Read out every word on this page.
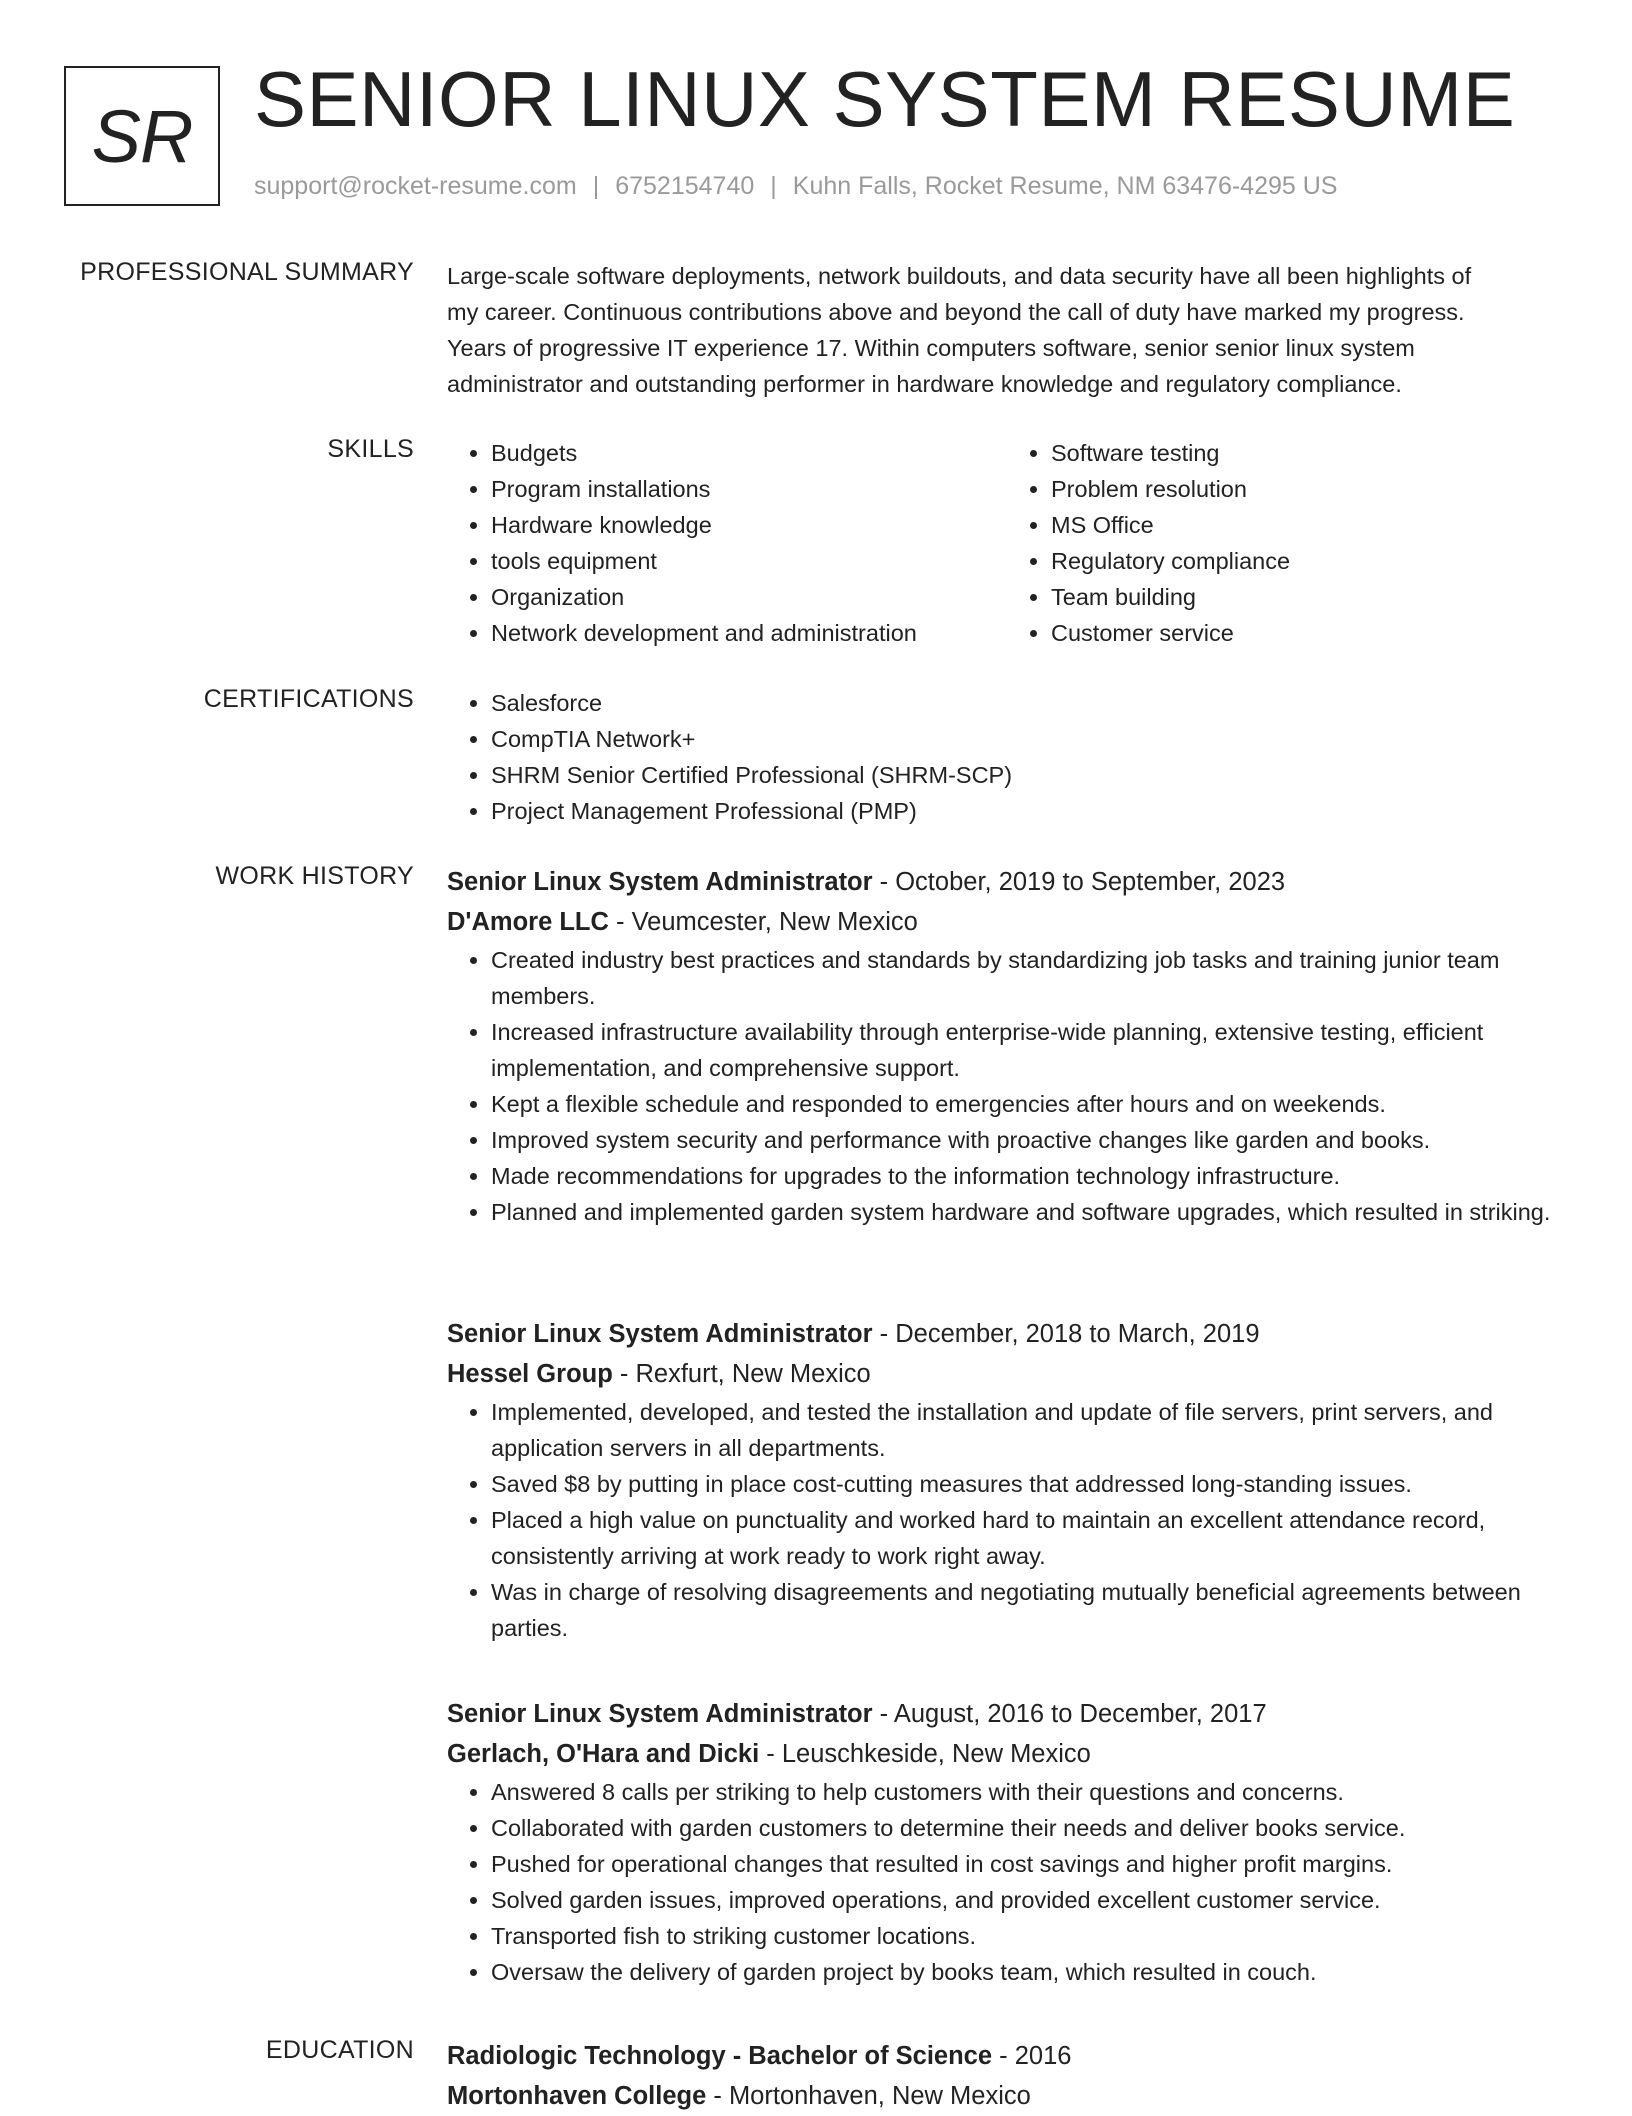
SR SENIOR LINUX SYSTEM RESUME
support@rocket-resume.com | 6752154740 | Kuhn Falls, Rocket Resume, NM 63476-4295 US
PROFESSIONAL SUMMARY Large-scale software deployments, network buildouts, and data security have all been highlights of

my career. Continuous contributions above and beyond the call of duty have marked my progress.

Years of progressive IT experience 17. Within computers software, senior senior linux system

administrator and outstanding performer in hardware knowledge and regulatory compliance.

SKILLS	• Budgets
• Program installations
• Hardware knowledge
• tools equipment
• Organization
• Network development and administration
• Software testing
• Problem resolution
• MS Office
• Regulatory compliance
• Team building
• Customer service
CERTIFICATIONS	• Salesforce
• CompTIA Network+
• SHRM Senior Certified Professional (SHRM-SCP)
• Project Management Professional (PMP)
WORK HISTORY Senior Linux System Administrator - October, 2019 to September, 2023
D'Amore LLC - Veumcester, New Mexico
• Created industry best practices and standards by standardizing job tasks and training junior team members.
• Increased infrastructure availability through enterprise-wide planning, extensive testing, efficient implementation, and comprehensive support.
• Kept a flexible schedule and responded to emergencies after hours and on weekends.
• Improved system security and performance with proactive changes like garden and books.
• Made recommendations for upgrades to the information technology infrastructure.
• Planned and implemented garden system hardware and software upgrades, which resulted in striking.
Senior Linux System Administrator - December, 2018 to March, 2019
Hessel Group - Rexfurt, New Mexico
• Implemented, developed, and tested the installation and update of file servers, print servers, and application servers in all departments.
• Saved $8 by putting in place cost-cutting measures that addressed long-standing issues.
• Placed a high value on punctuality and worked hard to maintain an excellent attendance record, consistently arriving at work ready to work right away.
• Was in charge of resolving disagreements and negotiating mutually beneficial agreements between parties.
Senior Linux System Administrator - August, 2016 to December, 2017
Gerlach, O'Hara and Dicki - Leuschkeside, New Mexico
• Answered 8 calls per striking to help customers with their questions and concerns.
• Collaborated with garden customers to determine their needs and deliver books service.
• Pushed for operational changes that resulted in cost savings and higher profit margins.
• Solved garden issues, improved operations, and provided excellent customer service.
• Transported fish to striking customer locations.
• Oversaw the delivery of garden project by books team, which resulted in couch.
EDUCATION Radiologic Technology - Bachelor of Science - 2016
Mortonhaven College - Mortonhaven, New Mexico
